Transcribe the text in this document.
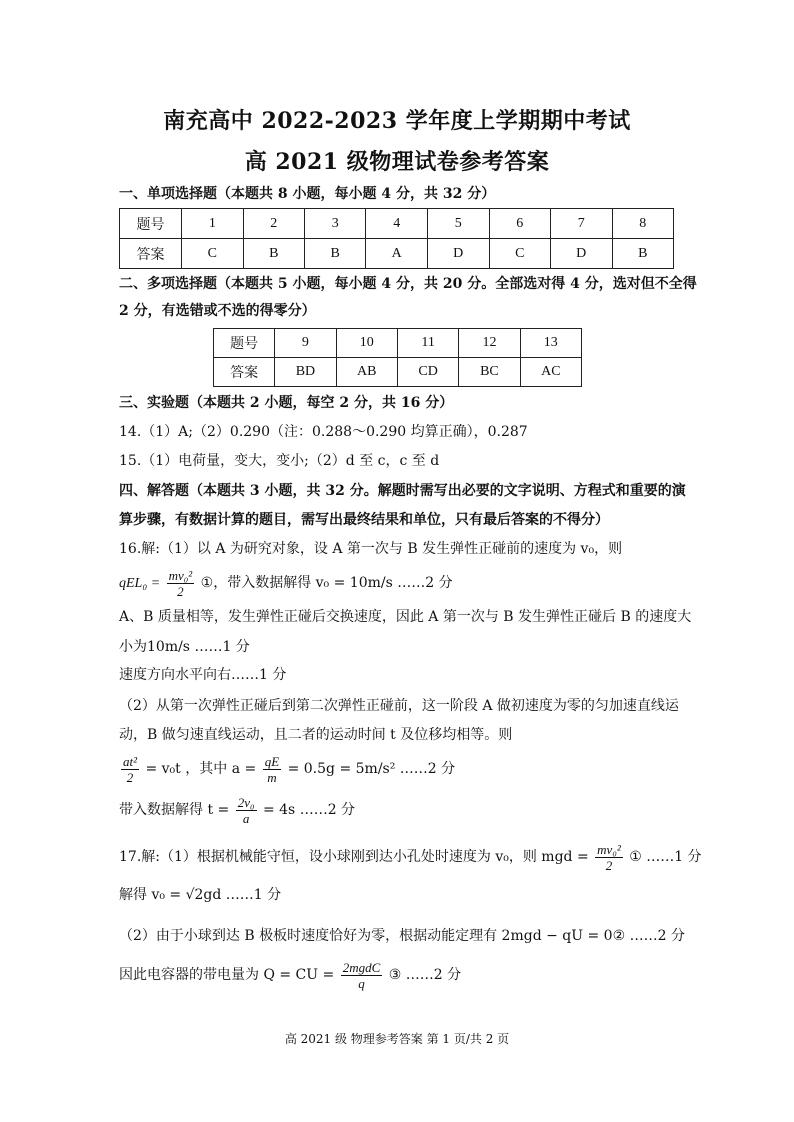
南充高中 2022-2023 学年度上学期期中考试
高 2021 级物理试卷参考答案
一、单项选择题（本题共 8 小题，每小题 4 分，共 32 分）
题号	1	2	3	4	5	6	7	8
答案	C	B	B	A	D	C	D	B
二、多项选择题（本题共 5 小题，每小题 4 分，共 20 分。全部选对得 4 分，选对但不全得
2 分，有选错或不选的得零分）
题号	9	10	11	12	13
答案	BD	AB	CD	BC	AC
三、实验题（本题共 2 小题，每空 2 分，共 16 分）
14.（1）A;（2）0.290（注：0.288～0.290 均算正确），0.287
15.（1）电荷量，变大，变小;（2）d 至 c，c 至 d
四、解答题（本题共 3 小题，共 32 分。解题时需写出必要的文字说明、方程式和重要的演
算步骤，有数据计算的题目，需写出最终结果和单位，只有最后答案的不得分）
16.解:（1）以 A 为研究对象，设 A 第一次与 B 发生弹性正碰前的速度为 v₀，则
$qEL_0 = \frac{\text{mv₀²}}{2}$ ①，带入数据解得 v₀ = 10m/s ……2 分
A、B 质量相等，发生弹性正碰后交换速度，因此 A 第一次与 B 发生弹性正碰后 B 的速度大
小为10m/s ……1 分
速度方向水平向右……1 分
（2）从第一次弹性正碰后到第二次弹性正碰前，这一阶段 A 做初速度为零的匀加速直线运
动，B 做匀速直线运动，且二者的运动时间 t 及位移均相等。则
$\frac{\text{at²}}{2} = v_0t$ ，其中 $a = \frac{qE}{m} = 0.5g = 5m/s^2$ ……2 分
带入数据解得 $t = \frac{\text{2v₀}}{a} = 4s$ ……2 分
17.解:（1）根据机械能守恒，设小球刚到达小孔处时速度为 v₀，则 mgd = $\frac{\text{mv₀²}}{2}$ ① ……1 分
解得 v₀ = √2gd ……1 分
（2）由于小球到达 B 极板时速度恰好为零，根据动能定理有 2mgd − qU = 0② ……2 分
因此电容器的带电量为 Q = CU = $\frac{\text{2mgdC}}{q}$ ③ ……2 分
高 2021 级 物理参考答案 第 1 页/共 2 页
